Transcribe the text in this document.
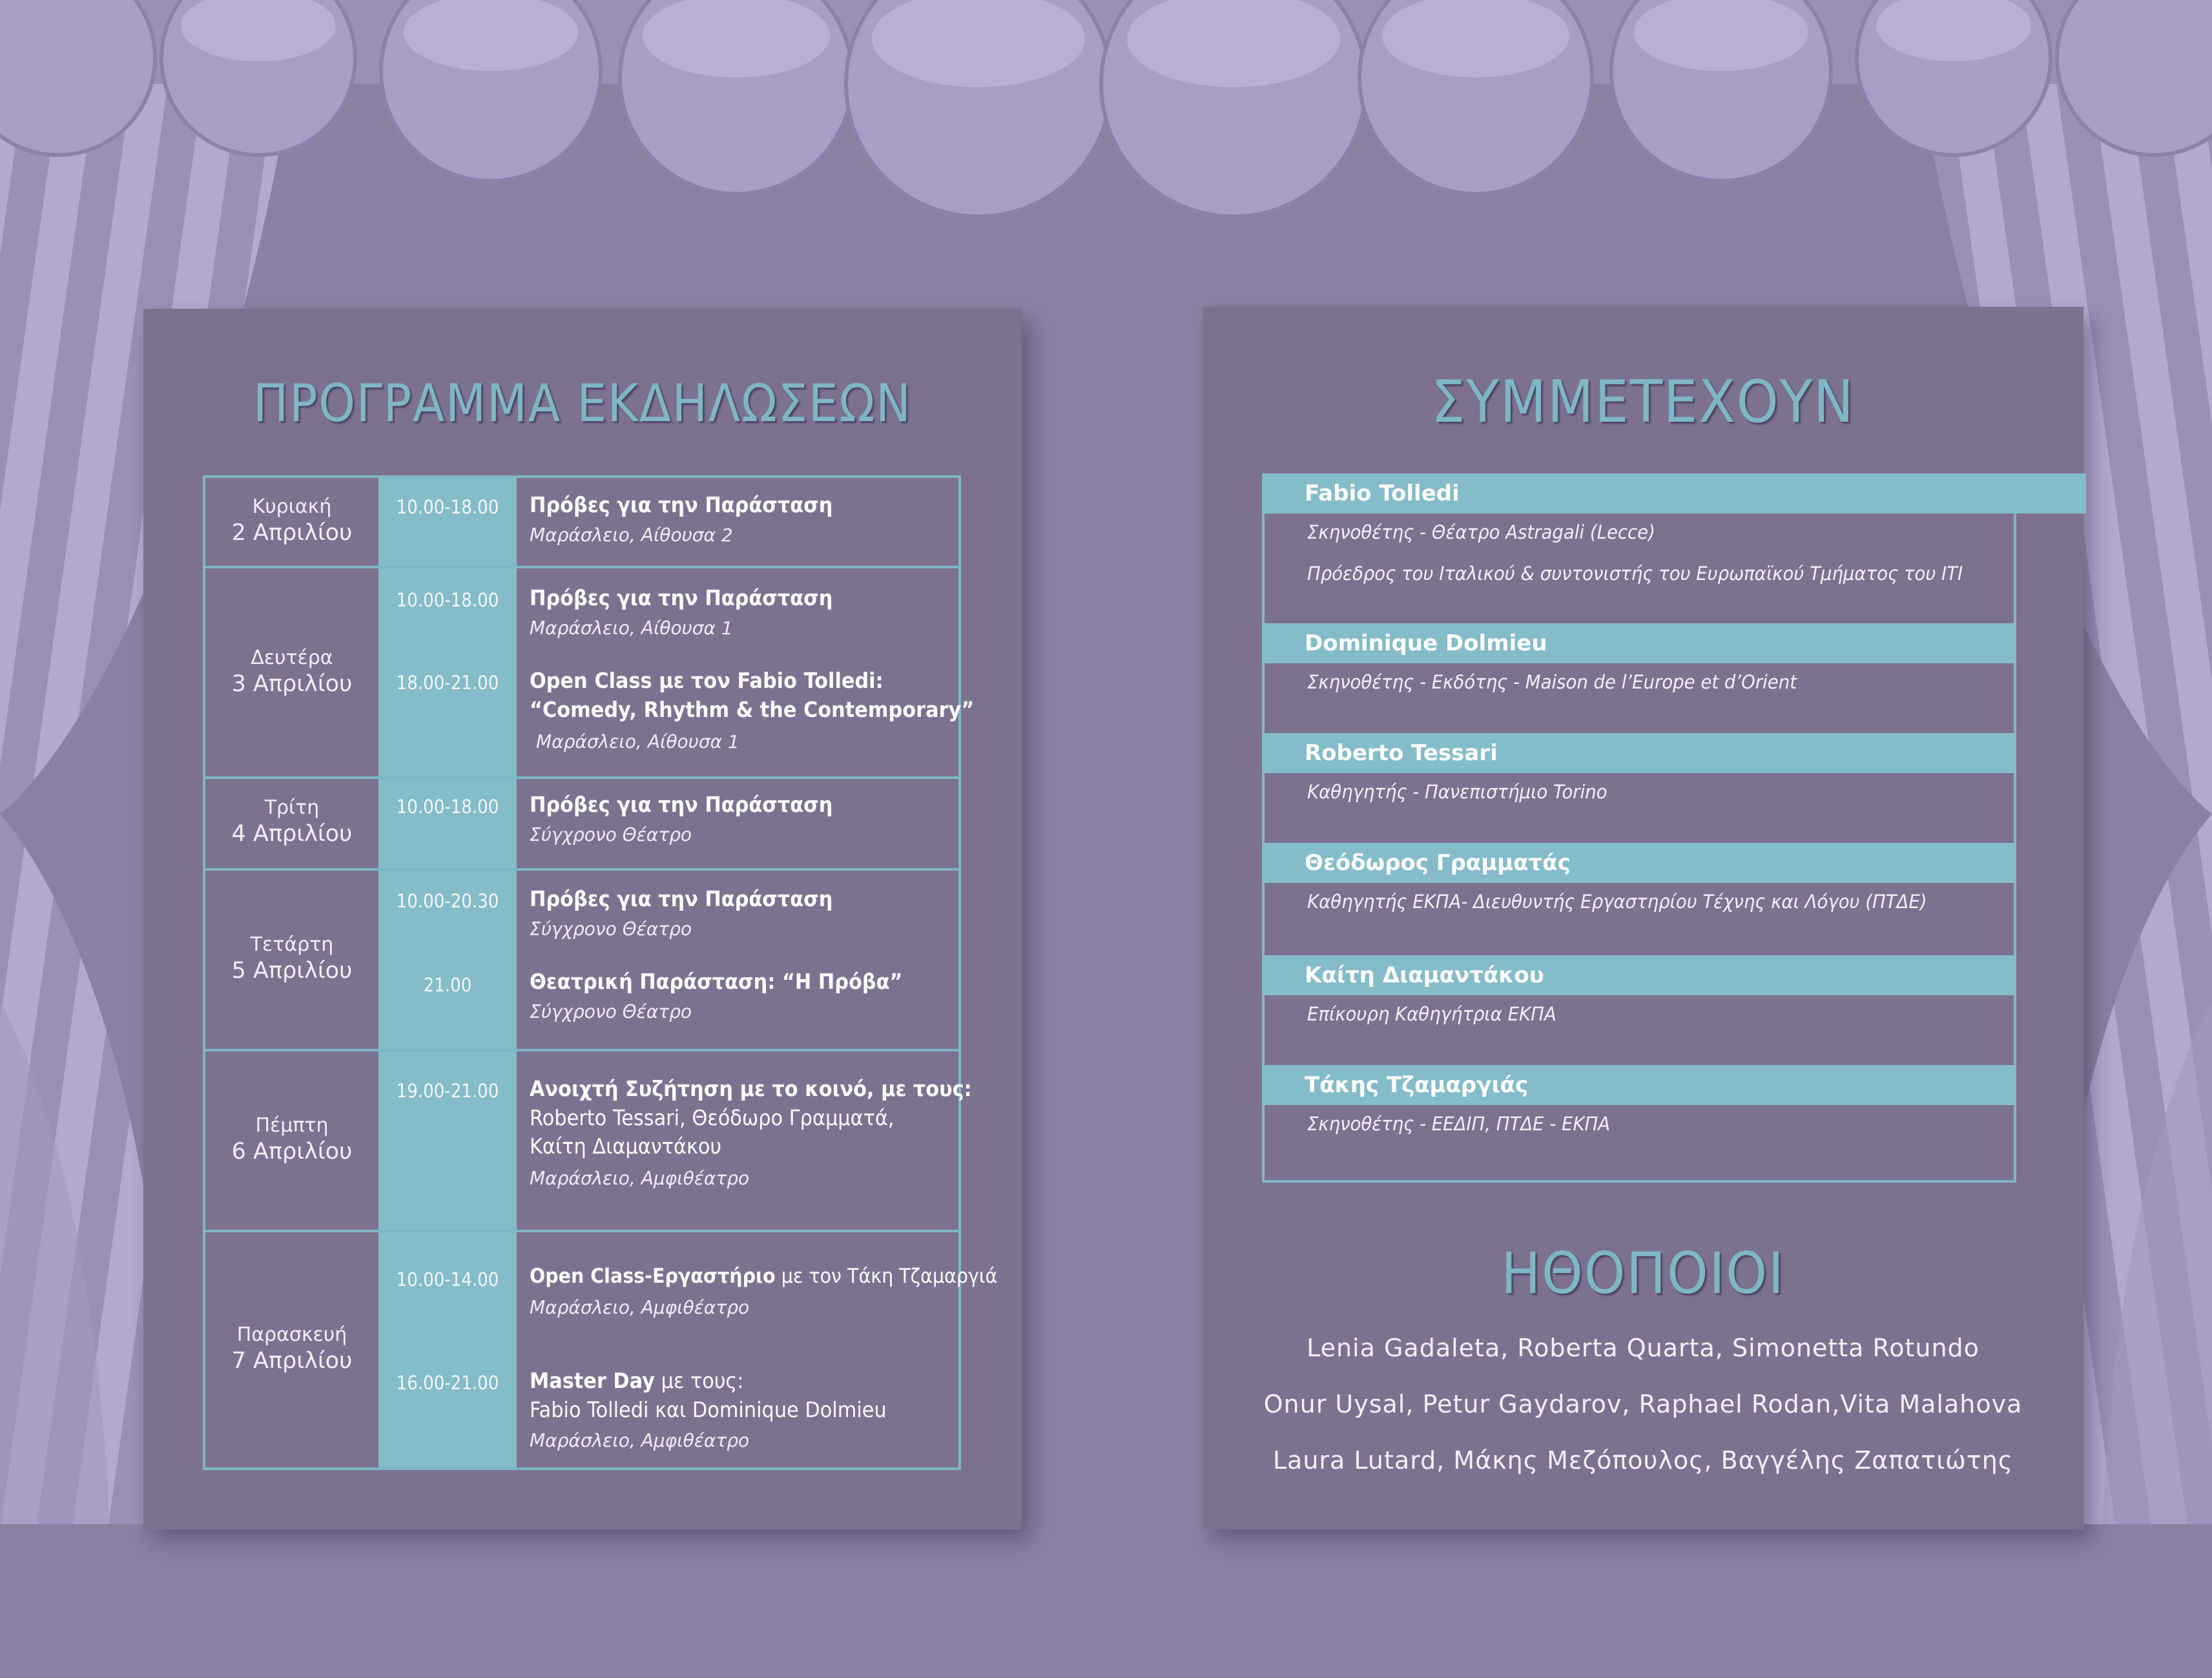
ΠΡΟΓΡΑΜΜΑ ΕΚΔΗΛΩΣΕΩΝ
Κυριακή
2 Απριλίου
10.00-18.00	Πρόβες για την Παράσταση
Μαράσλειο, Αίθουσα 2
Δευτέρα
3 Απριλίου
10.00-18.00	Πρόβες για την Παράσταση
Μαράσλειο, Αίθουσα 1
18.00-21.00	Open Class με τον Fabio Tolledi:
“Comedy, Rhythm & the Contemporary”
Μαράσλειο, Αίθουσα 1
Τρίτη
4 Απριλίου
10.00-18.00	Πρόβες για την Παράσταση
Σύγχρονο Θέατρο
Τετάρτη
5 Απριλίου
10.00-20.30	Πρόβες για την Παράσταση
Σύγχρονο Θέατρο
21.00	Θεατρική Παράσταση: “Η Πρόβα”
Σύγχρονο Θέατρο
Πέμπτη
6 Απριλίου
19.00-21.00	Ανοιχτή Συζήτηση με το κοινό, με τους:
Roberto Tessari, Θεόδωρο Γραμματά,
Καίτη Διαμαντάκου
Μαράσλειο, Αμφιθέατρο
Παρασκευή
7 Απριλίου
10.00-14.00	Open Class-Εργαστήριο με τον Τάκη Τζαμαργιά
Μαράσλειο, Αμφιθέατρο
16.00-21.00	Master Day με τους:
Fabio Tolledi και Dominique Dolmieu
Μαράσλειο, Αμφιθέατρο
ΣΥΜΜΕΤΕΧΟΥΝ
Fabio Tolledi
Σκηνοθέτης - Θέατρο Astragali (Lecce)
Πρόεδρος του Ιταλικού & συντονιστής του Ευρωπαϊκού Τμήματος του ITI
Dominique Dolmieu
Σκηνοθέτης - Εκδότης - Maison de l’Europe et d’Orient
Roberto Tessari
Καθηγητής - Πανεπιστήμιο Torino
Θεόδωρος Γραμματάς
Καθηγητής ΕΚΠΑ- Διευθυντής Εργαστηρίου Τέχνης και Λόγου (ΠΤΔΕ)
Καίτη Διαμαντάκου
Επίκουρη Καθηγήτρια ΕΚΠΑ
Τάκης Τζαμαργιάς
Σκηνοθέτης - ΕΕΔΙΠ, ΠΤΔΕ - ΕΚΠΑ
ΗΘΟΠΟΙΟΙ
Lenia Gadaleta, Roberta Quarta, Simonetta Rotundo
Onur Uysal, Petur Gaydarov, Raphael Rodan,Vita Malahova
Laura Lutard, Μάκης Μεζόπουλος, Βαγγέλης Ζαπατιώτης
